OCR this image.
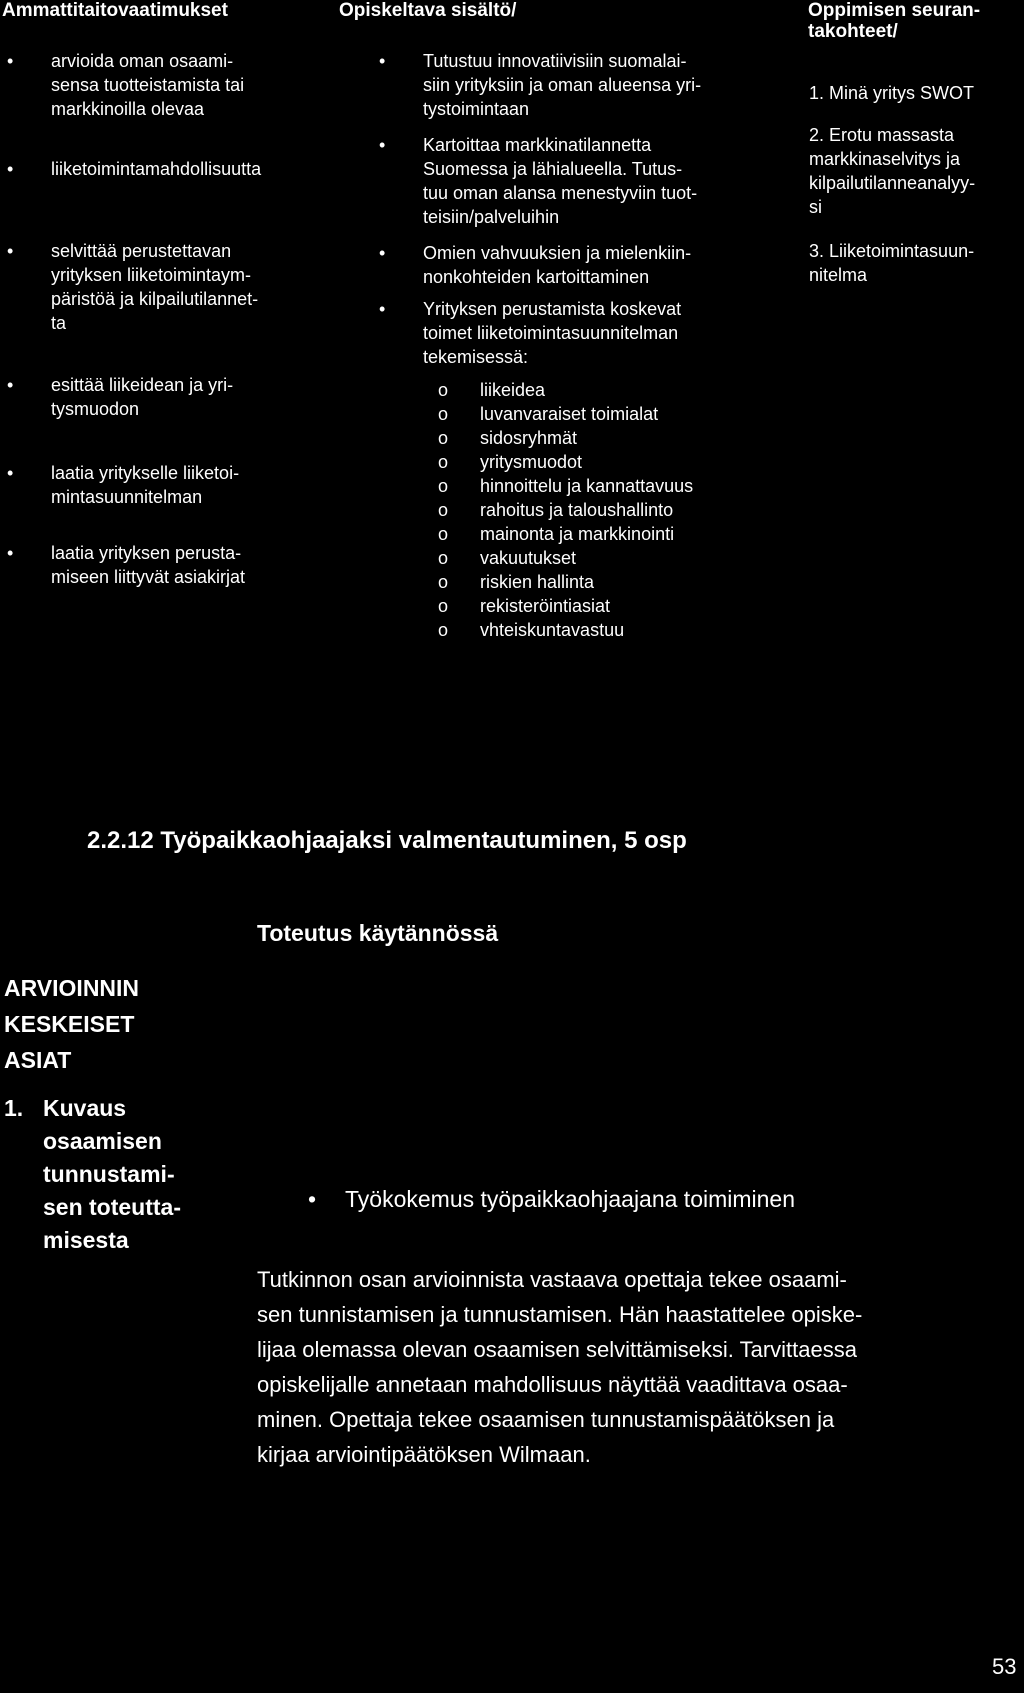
Ammattitaitovaatimukset	Opiskeltava sisältö/	Oppimisen seuran-
takohteet/
• arvioida oman osaami-
sensa tuotteistamista tai
markkinoilla olevaa
• liiketoimintamahdollisuutta
• selvittää perustettavan
yrityksen liiketoimintaym-
päristöä ja kilpailutilannet-
ta
• esittää liikeidean ja yri-
tysmuodon
• laatia yritykselle liiketoi-
mintasuunnitelman
• laatia yrityksen perusta-
miseen liittyvät asiakirjat
• Tutustuu innovatiivisiin suomalai-
siin yrityksiin ja oman alueensa yri-
tystoimintaan
• Kartoittaa markkinatilannetta
Suomessa ja lähialueella. Tutus-
tuu oman alansa menestyviin tuot-
teisiin/palveluihin
• Omien vahvuuksien ja mielenkiin-
nonkohteiden kartoittaminen
• Yrityksen perustamista koskevat
toimet liiketoimintasuunnitelman
tekemisessä:
o liikeidea
o luvanvaraiset toimialat
o sidosryhmät
o yritysmuodot
o hinnoittelu ja kannattavuus
o rahoitus ja taloushallinto
o mainonta ja markkinointi
o vakuutukset
o riskien hallinta
o rekisteröintiasiat
o vhteiskuntavastuu
1. Minä yritys SWOT
2. Erotu massasta
markkinaselvitys ja
kilpailutilanneanalyy-
si
3. Liiketoimintasuun-
nitelma
2.2.12 Työpaikkaohjaajaksi valmentautuminen, 5 osp
Toteutus käytännössä
ARVIOINNIN
KESKEISET
ASIAT
1. Kuvaus
osaamisen
tunnustami-
sen toteutta-
misesta
• Työkokemus työpaikkaohjaajana toimiminen
Tutkinnon osan arvioinnista vastaava opettaja tekee osaami-
sen tunnistamisen ja tunnustamisen. Hän haastattelee opiske-
lijaa olemassa olevan osaamisen selvittämiseksi. Tarvittaessa
opiskelijalle annetaan mahdollisuus näyttää vaadittava osaa-
minen. Opettaja tekee osaamisen tunnustamispäätöksen ja
kirjaa arviointipäätöksen Wilmaan.
53
